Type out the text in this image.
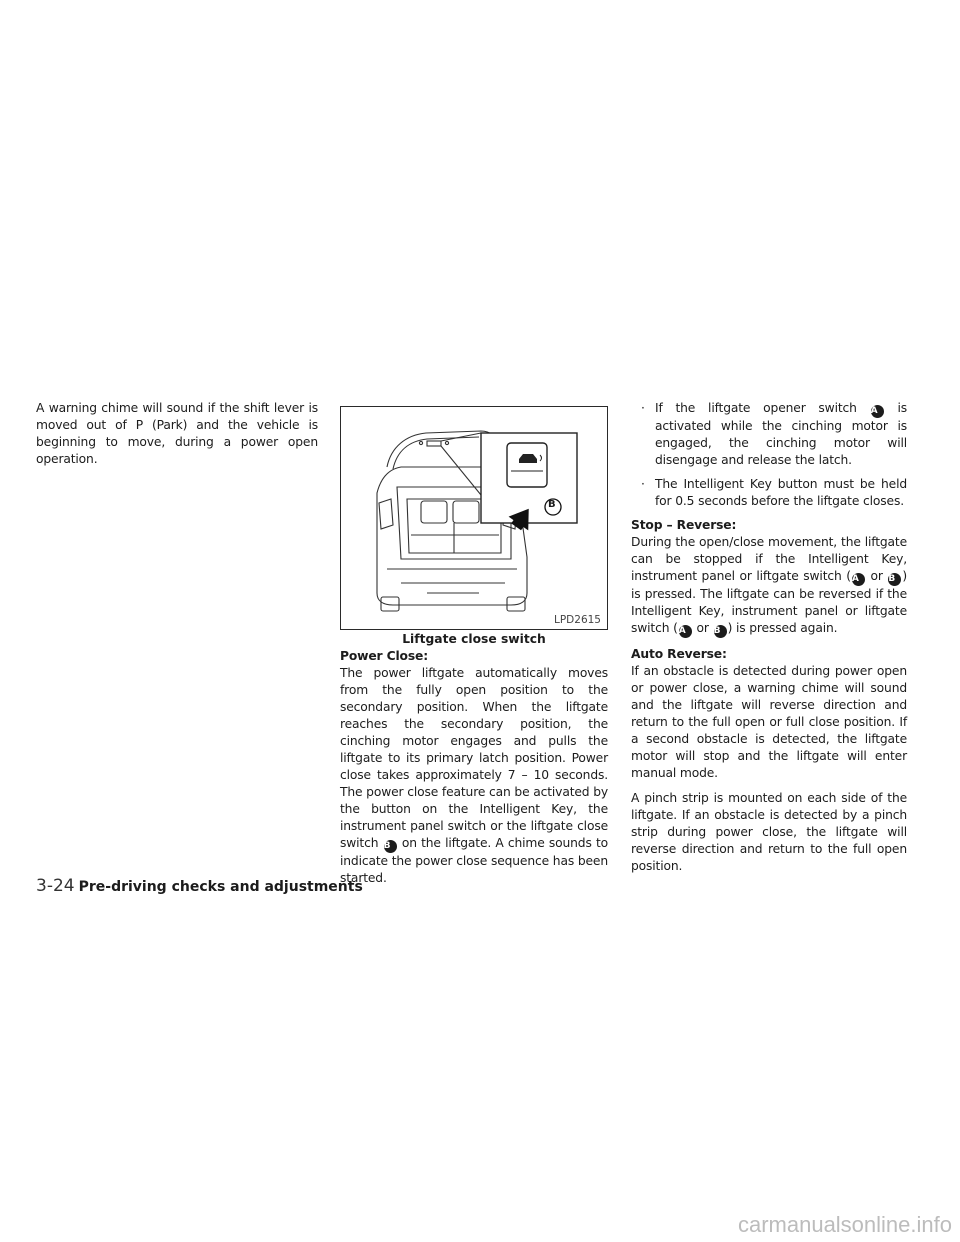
A warning chime will sound if the shift lever is moved out of P (Park) and the vehicle is beginning to move, during a power open operation.

B
LPD2615
Liftgate close switch

Power Close:
The power liftgate automatically moves from the fully open position to the secondary position. When the liftgate reaches the secondary position, the cinching motor engages and pulls the liftgate to its primary latch position. Power close takes approximately 7 – 10 seconds. The power close feature can be activated by the button on the Intelligent Key, the instrument panel switch or the liftgate close switch B on the liftgate. A chime sounds to indicate the power close sequence has been started.

· If the liftgate opener switch A is activated while the cinching motor is engaged, the cinching motor will disengage and release the latch.
· The Intelligent Key button must be held for 0.5 seconds before the liftgate closes.

Stop – Reverse:
During the open/close movement, the liftgate can be stopped if the Intelligent Key, instrument panel or liftgate switch (A or B ) is pressed. The liftgate can be reversed if the Intelligent Key, instrument panel or liftgate switch (A or B ) is pressed again.

Auto Reverse:
If an obstacle is detected during power open or power close, a warning chime will sound and the liftgate will reverse direction and return to the full open or full close position. If a second obstacle is detected, the liftgate motor will stop and the liftgate will enter manual mode.

A pinch strip is mounted on each side of the liftgate. If an obstacle is detected by a pinch strip during power close, the liftgate will reverse direction and return to the full open position.

3-24 Pre-driving checks and adjustments
carmanualsonline.info
